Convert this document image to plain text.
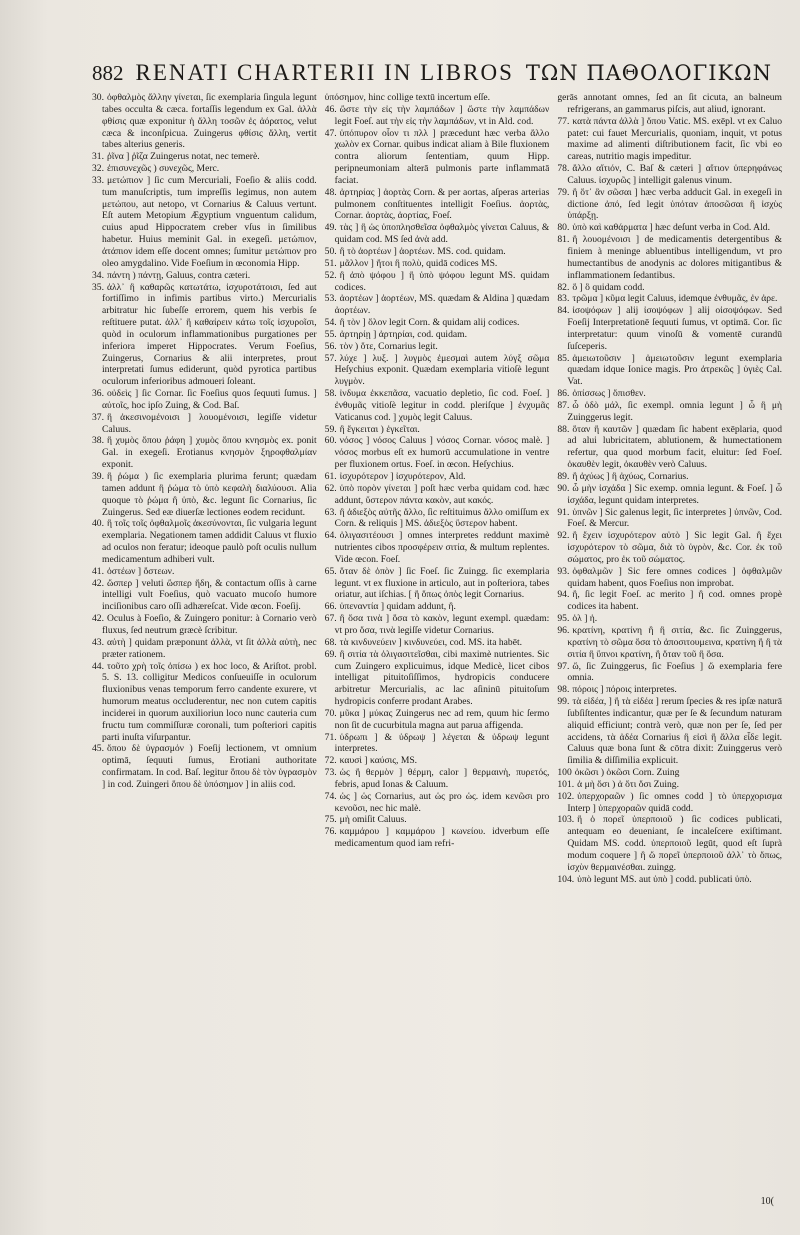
882 RENATI CHARTERII IN LIBROS ΤΩΝ ΠΑΘΟΛΟΓΙΚΩΝ

30. ὀφθαλμὸς ἄλλην γίνεται, ſic exemplaria ſingula legunt tabes occulta & cæca. fortaſſis legendum ex Gal. ἀλλὰ φθίσις quæ exponitur ἡ ἄλλη τοσῶν ἐς ἀόρατος, velut cæca & inconſpicua. Zuingerus φθίσις ἄλλη, vertit tabes alterius generis.

31. ῥῖνα ] ῥῖζα Zuingerus notat, nec temerè.

32. ἐπισυνεχῶς ) συνεχῶς, Merc.

33. μετώπιον ] ſic cum Mercuriali, Foeſio & aliis codd. tum manuſcriptis, tum impreſſis legimus, non autem μετώπου, aut netopo, vt Cornarius & Caluus vertunt. Eſt autem Metopium Ægyptium vnguentum calidum, cuius apud Hippocratem creber vſus in ſimilibus habetur. Huius meminit Gal. in exegeſi. μετώπιον, ἀτάπιον idem eſſe docent omnes; ſumitur μετώπιον pro oleo amygdalino. Vide Foeſium in œconomia Hipp.

34. πάντη ) πάντῃ, Galuus, contra cæteri.

35. ἀλλ᾽ ἢ καθαρῶς κατωτάτω, ἰσχυροτάτοισι, ſed aut fortiſſimo in infimis partibus virto.) Mercurialis arbitratur hic ſubeſſe errorem, quem his verbis ſe reſtituere putat. ἀλλ᾽ ἢ καθαίρειν κάτω τοῖς ἰσχυροῖσι, quòd in oculorum inflammationibus purgationes per inferiora imperet Hippocrates. Verum Foeſius, Zuingerus, Cornarius & alii interpretes, prout interpretati ſumus ediderunt, quòd pyrotica partibus oculorum inferioribus admoueri ſoleant.

36. οὐδεὶς ] ſic Cornar. ſic Foeſius quos ſequuti ſumus. ] αὐτοῖς, hoc ipſo Zuing, & Cod. Baſ.

37. ἢ ἀκεσινομένοισι ] λουομένοισι, legiſſe videtur Caluus.

38. ἢ χυμὸς ὅπου ῥάφη ] χυμὸς ὅπου κνησμὸς ex. ponit Gal. in exegeſi. Erotianus κνησμὸν ξηροφθαλμίαν exponit.

39. ἢ ῥώμα ) ſic exemplaria plurima ferunt; quædam tamen addunt ἢ ῥώμα τὸ ὑπὸ κεφαλὴ διαλύουσι. Alia quoque τὸ ῥώμα ἢ ὑπὸ, &c. legunt ſic Cornarius, ſic Zuingerus. Sed eæ diuerſæ lectiones eodem recidunt.

40. ἢ τοῖς τοῖς ὀφθαλμοῖς ἀκεσύνονται, ſic vulgaria legunt exemplaria. Negationem tamen addidit Caluus vt fluxio ad oculos non feratur; ideoque paulò poſt oculis nullum medicamentum adhiberi vult.

41. ὀστέων ] ὄστεων.

42. ὥσπερ ] veluti ὥσπερ ἤδη, & contactum oſſis à carne intelligi vult Foeſius, quò vacuato mucoſo humore inciſionibus caro oſſi adhæreſcat. Vide œcon. Foeſij.

42. Oculus à Foeſio, & Zuingero ponitur: à Cornario verò fluxus, ſed neutrum græcè ſcribitur.

43. αὐτὴ ] quidam præponunt ἀλλὰ, vt ſit ἀλλὰ αὐτὴ, nec præter rationem.

44. τοῦτο χρὴ τοῖς ὀπίσω ) ex hoc loco, & Ariſtot. probl. 5. S. 13. colligitur Medicos conſueuiſſe in oculorum fluxionibus venas temporum ferro candente exurere, vt humorum meatus occluderentur, nec non cutem capitis inciderei in quorum auxilioriun loco nunc cauteria cum fructu tum commiſſuræ coronali, tum poſteriori capitis parti inuſta viſurpantur.

45. ὅπου δὲ ὑγρασμόν ) Foeſij lectionem, vt omnium optimā, ſequuti ſumus, Erotiani authoritate confirmatam. In cod. Baſ. legitur ὅπου δὲ τὸν ὑγρασμὸν ] in cod. Zuingeri ὅπου δὲ ὑπόσημον ] in aliis cod.

ὑπόσημον, hinc collige textū incertum eſſe.

46. ὥστε τὴν εἰς τὴν λαμπάδων ] ὥστε τὴν λαμπάδων legit Foeſ. aut τὴν εἰς τὴν λαμπάδων, vt in Ald. cod.

47. ὑπόπυρον οἷον τι πλλ ] præcedunt hæc verba ἄλλο χωλὸν ex Cornar. quibus indicat aliam à Bile fluxionem contra aliorum ſententiam, quum Hipp. peripneumoniam alterā pulmonis parte inflammatā faciat.

48. ἀρτηρίας ] ἀορτὰς Corn. & per aortas, aſperas arterias pulmonem conſtituentes intelligit Foeſius. ἀορτὰς, Cornar. ἀορτὰς, ἀορτίας, Foeſ.

49. τὰς ] ἢ ὡς ὑποπλησθεῖσα ὀφθαλμὸς γίνεται Caluus, & quidam cod. MS ſed ἀνὰ add.

50. ἢ τὸ ἀορτέων ] ἀορτέων. MS. cod. quidam.

51. μᾶλλον ] ἤτοι ἢ πολὺ, quidā codices MS.

52. ἢ ἀπὸ ψόφου ] ἢ ὑπὸ ψόφου legunt MS. quidam codices.

53. ἀορτέων ] ἀορτέων, MS. quædam & Aldina ] quædam ἀορτέων.

54. ἢ τὸν ] ὅλον legit Corn. & quidam alij codices.

55. ἀρτηρίῃ ] ἀρτηρίαι, cod. quidam.

56. τὸν ) ὅτε, Cornarius legit.

57. λύχε ] λυξ. ] λυγμὸς ἐμεσμαὶ autem λύγξ σῶμα Heſychius exponit. Quædam exemplaria vitioſè legunt λυγμὸν.

58. ἰνδυμα ἐκκεπᾶσα, vacuatio depletio, ſic cod. Foeſ. ] ἐνθυμᾶς vitioſè legitur in codd. pleriſque ] ἐνχυμᾶς Vaticanus cod. ] χυμὸς legit Caluus.

59. ἢ ἔγκειται ) ἐγκεῖται.

60. νόσος ] νόσος Caluus ] νόσος Cornar. νόσος malè. ] νόσος morbus eſt ex humorū accumulatione in ventre per fluxionem ortus. Foeſ. in œcon. Heſychius.

61. ἰσχυρότερον ] ἰσχυρότερον, Ald.

62. ὑπὸ πορὸν γίνεται ] poſt hæc verba quidam cod. hæc addunt, ὕστερον πάντα κακὸν, aut κακός.

63. ἢ ἀδιεξὸς αὐτῆς ἄλλο, ſic reſtituimus ἄλλο omiſſum ex Corn. & reliquis ] MS. ἀδιεξὸς ὕστερον habent.

64. ὀλιγασιτέουσι ] omnes interpretes reddunt maximè nutrientes cibos προσφέρειν σιτία, & multum replentes. Vide œcon. Foeſ.

65. ὅταν δὲ ὁπὸν ] ſic Foeſ. ſic Zuingg. ſic exemplaria legunt. vt ex fluxione in articulo, aut in poſteriora, tabes oriatur, aut iſchias. [ ἢ ὅπως ὀπὸς legit Cornarius.

66. ὑπεναντία ] quidam addunt, ἢ.

67. ἢ ὅσα τινὰ ] ὅσα τὸ κακὸν, legunt exempl. quædam: vt pro ὅσα, τινὰ legiſſe videtur Cornarius.

68. τὰ κινδυνεύειν ] κινδυνεύει, cod. MS. ita habēt.

69. ἢ σιτία τὰ ὀλιγασιτεῖσθαι, cibi maximè nutrientes. Sic cum Zuingero explicuimus, idque Medicè, licet cibos intelligat pituitoſiſſimos, hydropicis conducere arbitretur Mercurialis, ac lac aſininū pituitoſum hydropicis conferre prodant Arabes.

70. μῦκα ] μύκας Zuingerus nec ad rem, quum hic ſermo non ſit de cucurbitula magna aut parua affigenda.

71. ὑδρωπι ] & ὑδρωψ ] λέγεται & ὑδρωψ legunt interpretes.

72. καυσὶ ] καύσις, MS.

73. ὡς ἢ θερμὸν ] θέρμη, calor ] θερμαινὴ, πυρετός, febris, apud Ionas & Caluum.

74. ὡς ] ὡς Cornarius, aut ὡς pro ὡς. idem κενῶσι pro κενοῦσι, nec hic malè.

75. μὴ omiſit Caluus.

76. καμμάρου ] καμμάρου ] κωνείου. idverbum eſſe medicamentum quod iam refri-

gerās annotant omnes, ſed an ſit cicuta, an balneum refrigerans, an gammarus piſcis, aut aliud, ignorant.

77. κατὰ πάντα ἀλλὰ ] ὅπου Vatic. MS. exēpl. vt ex Caluo patet: cui fauet Mercurialis, quoniam, inquit, vt potus maxime ad alimenti diſtributionem facit, ſic vbi eo careas, nutritio magis impeditur.

78. ἄλλο αἴτιόν, C. Baſ & cæteri ] αἴτιον ὑπερηφάνως Caluus. ἰσχυρῶς ] intelligit galenus vinum.

79. ἢ ὅτ᾽ ἂν σῶσαι ] hæc verba adducit Gal. in exegeſi in dictione ἀπό, ſed legit ὑπόταν ἀποσῶσαι ἢ ἰσχὺς ὑπάρξῃ.

80. ὑπὸ καὶ καθάρματα ] hæc deſunt verba in Cod. Ald.

81. ἢ λουομένοισι ] de medicamentis detergentibus & finiem à meninge abluentibus intelligendum, vt pro humectantibus de anodynis ac dolores mitigantibus & inflammationem ſedantibus.

82. ὅ ] ὃ quidam codd.

83. τρῶμα ] κῦμα legit Caluus, idemque ἐνθυμᾶς, ἐν ἀρε.

84. ἰσοψόφων ] alij ἰσοψόφων ] alij οἰσοψόφων. Sed Foeſij Interpretationē ſequuti ſumus, vt optimā. Cor. ſic interpretatur: quum vinoſū & vomentē curandū ſuſceperis.

85. ἀμειωτοῦσιν ] ἀμειωτοῦσιν legunt exemplaria quædam idque Ionice magis. Pro ἀτρεκῶς ] ὑγιὲς Cal. Vat.

86. ὀπίσσως ] ὅπισθεν.

87. ὦ ὁδὸ μάλ, ſic exempl. omnia legunt ] ὦ ἢ μὴ Zuinggerus legit.

88. ὅταν ἢ καυτῶν ] quædam ſic habent exēplaria, quod ad alui lubricitatem, ablutionem, & humectationem refertur, qua quod morbum facit, eluitur: ſed Foeſ. ὀκαυθὲν legit, ὀκαυθὲν verò Caluus.

89. ἢ ἀχύως ] ἢ ἀχύως, Cornarius.

90. ὦ μὴν ἰσχάδα ] Sic exemp. omnia legunt. & Foeſ. ] ὦ ἰσχάδα, legunt quidam interpretes.

91. ὑπνῶν ] Sic galenus legit, ſic interpretes ] ὑπνῶν, Cod. Foeſ. & Mercur.

92. ἢ ἔχειν ἰσχυρότερον αὐτὸ ] Sic legit Gal. ἢ ἔχει ἰσχυρότερον τὸ σῶμα, διὰ τὸ ὑγρὸν, &c. Cor. ἐκ τοῦ σώματος, pro ἐκ τοῦ σώματος.

93. ὀφθαλμῶν ] Sic fere omnes codices ] ὀφθαλμῶν quidam habent, quos Foeſius non improbat.

94. ἢ, ſic legit Foeſ. ac merito ] ἢ cod. omnes propè codices ita habent.

95. ὁλ ] ἡ.

96. κρατίνη, κρατίνη ἢ ἢ σιτία, &c. ſic Zuinggerus, κρατίνη τὸ σῶμα ὅσα τὸ ἀποσιτουμεινα, κρατίνη ἢ ἢ τὰ σιτία ἢ ὕπνοι κρατίνη, ἢ ὅταν τοῦ ἢ ὅσα.

97. ὥ, ſic Zuinggerus, ſic Foeſius ] ὥ exemplaria fere omnia.

98. πόροις ] πόροις interpretes.

99. τὰ εἰδέα, ] ἢ τὰ εἰδέα ] rerum ſpecies & res ipſæ naturā ſubſiſtentes indicantur, quæ per ſe & ſecundum naturam aliquid efficiunt; contrà verò, quæ non per ſe, ſed per accidens, τὰ ἀδέα Cornarius ἢ εἰσὶ ἢ ἄλλα εἶδε legit. Caluus quæ bona ſunt & cōtra dixit: Zuinggerus verò ſimilia & diſſimilia explicuit.

100 ὀκῶσι ) ὀκῶσι Corn. Zuing

101. ἀ μὴ ὅσι ) ἀ ὅτι ὅσι Zuing.

102. ὑπερχοραῶν ) ſic omnes codd ] τὸ ὑπερχορισμα Interp ] ὑπερχοραῶν quidā codd.

103. ἢ ὁ πορεῖ ὑπερποιοῦ ) ſic codices publicati, antequam eo deueniant, ſe incaleſcere exiſtimant. Quidam MS. codd. ὑπερποιοῦ legūt, quod eſt ſuprà modum coquere ] ἢ ὥ πορεῖ ὑπερποιοῦ ἀλλ᾽ τὸ ὅπως, ἰσχὺν θερμαινέσθαι. zuingg.

104. ὑπὸ legunt MS. aut ὑπὸ ] codd. publicati ὑπὸ.

10(
